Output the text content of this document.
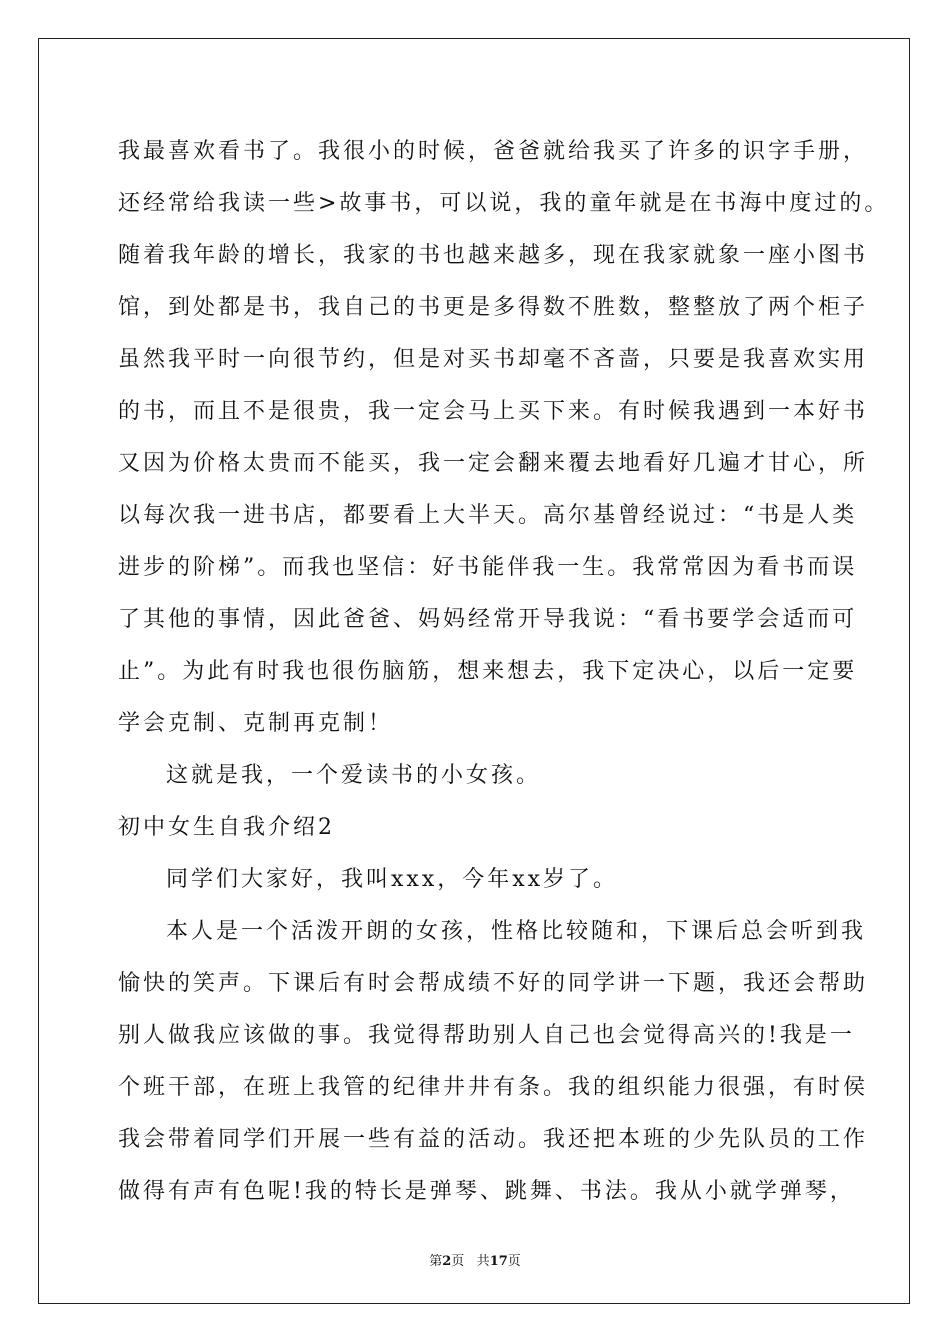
我最喜欢看书了。我很小的时候，爸爸就给我买了许多的识字手册，
还经常给我读一些>故事书，可以说，我的童年就是在书海中度过的。
随着我年龄的增长，我家的书也越来越多，现在我家就象一座小图书
馆，到处都是书，我自己的书更是多得数不胜数，整整放了两个柜子
虽然我平时一向很节约，但是对买书却毫不吝啬，只要是我喜欢实用
的书，而且不是很贵，我一定会马上买下来。有时候我遇到一本好书
又因为价格太贵而不能买，我一定会翻来覆去地看好几遍才甘心，所
以每次我一进书店，都要看上大半天。高尔基曾经说过：“书是人类
进步的阶梯”。而我也坚信：好书能伴我一生。我常常因为看书而误
了其他的事情，因此爸爸、妈妈经常开导我说：“看书要学会适而可
止”。为此有时我也很伤脑筋，想来想去，我下定决心，以后一定要
学会克制、克制再克制！
这就是我，一个爱读书的小女孩。
初中女生自我介绍2
同学们大家好，我叫xxx，今年xx岁了。
本人是一个活泼开朗的女孩，性格比较随和，下课后总会听到我
愉快的笑声。下课后有时会帮成绩不好的同学讲一下题，我还会帮助
别人做我应该做的事。我觉得帮助别人自己也会觉得高兴的!我是一
个班干部，在班上我管的纪律井井有条。我的组织能力很强，有时侯
我会带着同学们开展一些有益的活动。我还把本班的少先队员的工作
做得有声有色呢!我的特长是弹琴、跳舞、书法。我从小就学弹琴，
第2页 共17页
